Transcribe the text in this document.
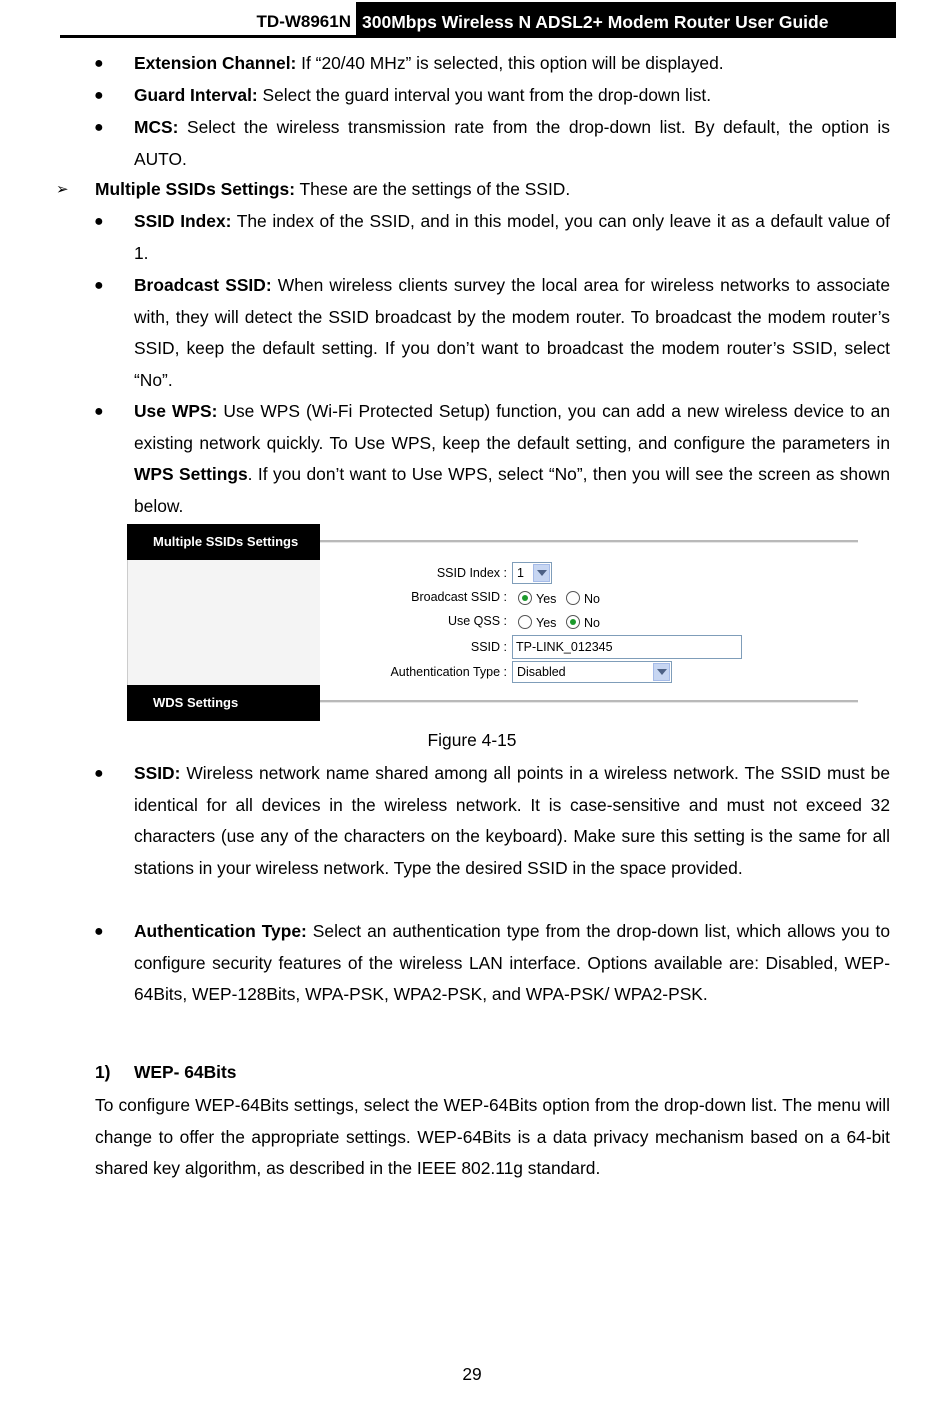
TD-W8961N 300Mbps Wireless N ADSL2+ Modem Router User Guide
● Extension Channel: If “20/40 MHz” is selected, this option will be displayed.
● Guard Interval: Select the guard interval you want from the drop-down list.
● MCS: Select the wireless transmission rate from the drop-down list. By default, the option is AUTO.
➢ Multiple SSIDs Settings: These are the settings of the SSID.
● SSID Index: The index of the SSID, and in this model, you can only leave it as a default value of 1.
● Broadcast SSID: When wireless clients survey the local area for wireless networks to associate with, they will detect the SSID broadcast by the modem router. To broadcast the modem router’s SSID, keep the default setting. If you don’t want to broadcast the modem router’s SSID, select “No”.
● Use WPS: Use WPS (Wi-Fi Protected Setup) function, you can add a new wireless device to an existing network quickly. To Use WPS, keep the default setting, and configure the parameters in WPS Settings. If you don’t want to Use WPS, select “No”, then you will see the screen as shown below.
Multiple SSIDs Settings
WDS Settings
SSID Index : 1
Broadcast SSID : Yes No
Use QSS : Yes No
SSID : TP-LINK_012345
Authentication Type : Disabled
Figure 4-15
● SSID: Wireless network name shared among all points in a wireless network. The SSID must be identical for all devices in the wireless network. It is case-sensitive and must not exceed 32 characters (use any of the characters on the keyboard). Make sure this setting is the same for all stations in your wireless network. Type the desired SSID in the space provided.
● Authentication Type: Select an authentication type from the drop-down list, which allows you to configure security features of the wireless LAN interface. Options available are: Disabled, WEP-64Bits, WEP-128Bits, WPA-PSK, WPA2-PSK, and WPA-PSK/ WPA2-PSK.
1)	WEP- 64Bits
To configure WEP-64Bits settings, select the WEP-64Bits option from the drop-down list. The menu will change to offer the appropriate settings. WEP-64Bits is a data privacy mechanism based on a 64-bit shared key algorithm, as described in the IEEE 802.11g standard.
29
